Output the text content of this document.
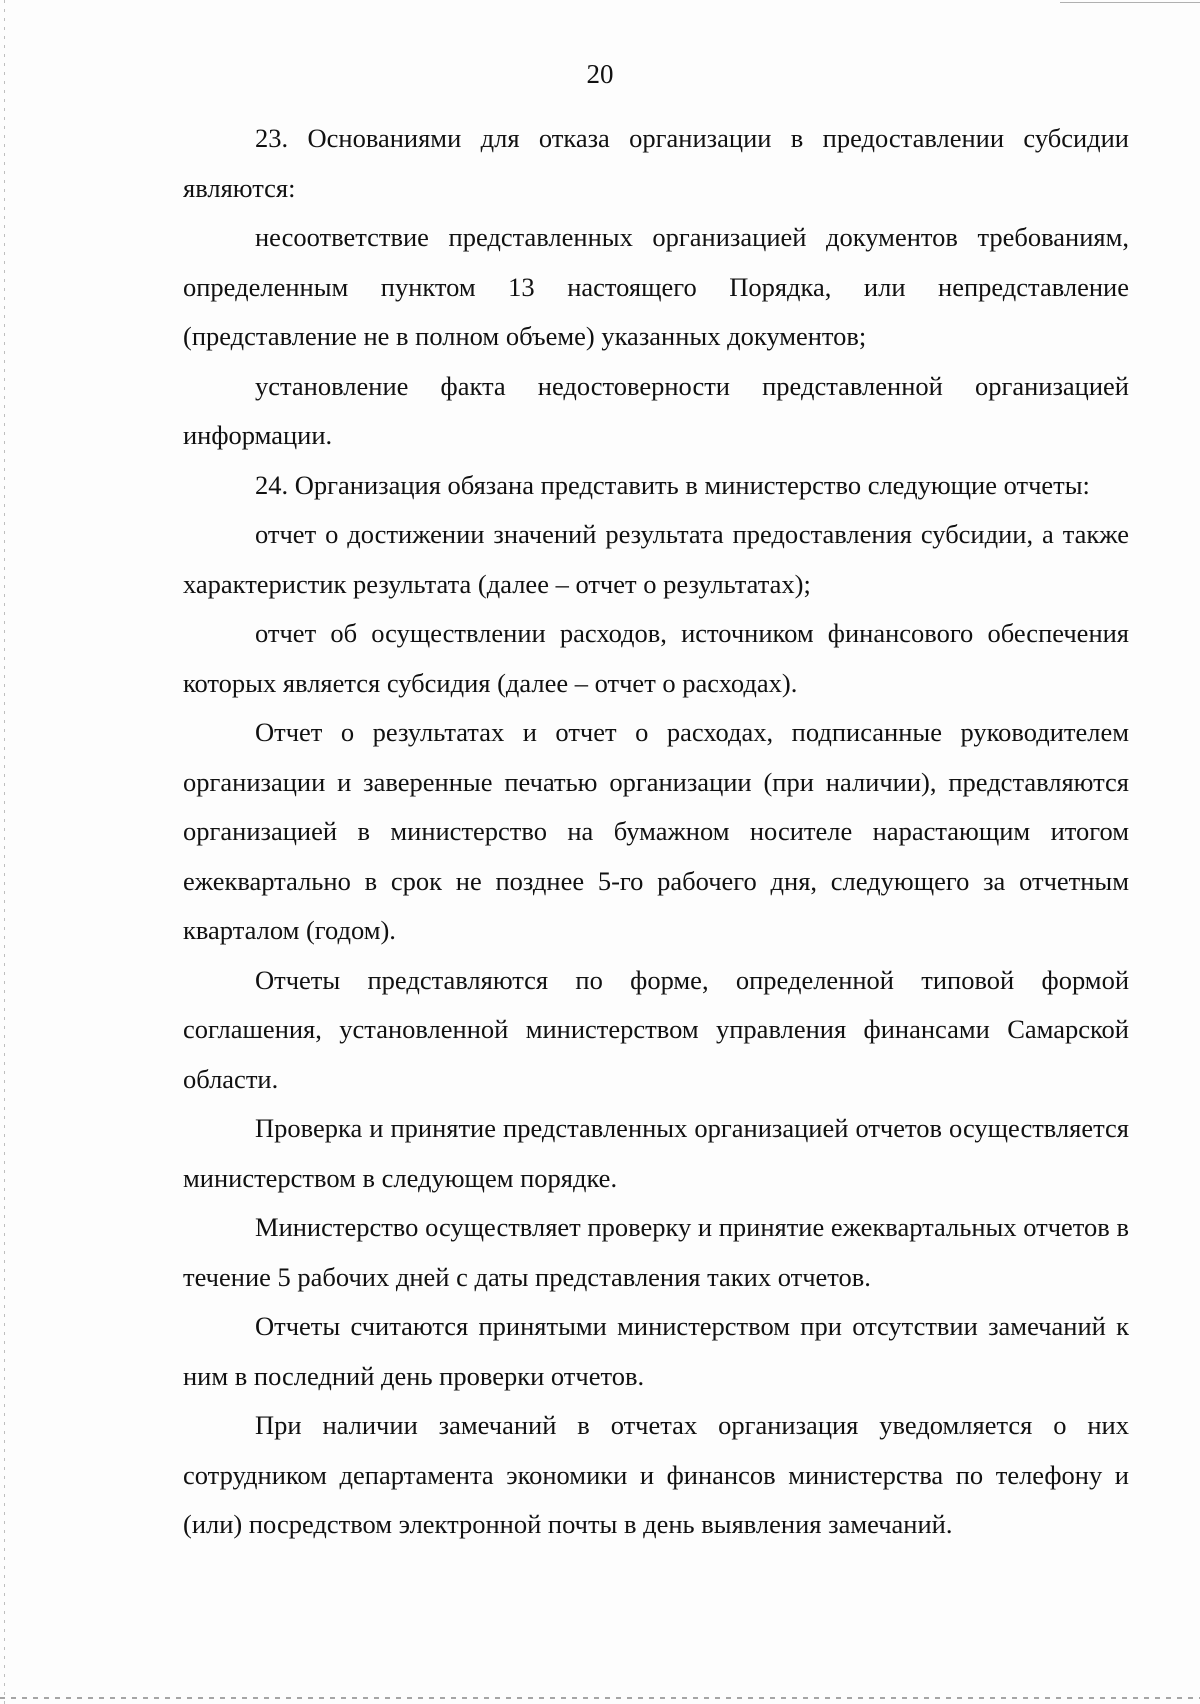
20

23. Основаниями для отказа организации в предоставлении субсидии являются:

несоответствие представленных организацией документов требованиям, определенным пунктом 13 настоящего Порядка, или непредставление (представление не в полном объеме) указанных документов;

установление факта недостоверности представленной организацией информации.

24. Организация обязана представить в министерство следующие отчеты:

отчет о достижении значений результата предоставления субсидии, а также характеристик результата (далее – отчет о результатах);

отчет об осуществлении расходов, источником финансового обеспечения которых является субсидия (далее – отчет о расходах).

Отчет о результатах и отчет о расходах, подписанные руководителем организации и заверенные печатью организации (при наличии), представляются организацией в министерство на бумажном носителе нарастающим итогом ежеквартально в срок не позднее 5-го рабочего дня, следующего за отчетным кварталом (годом).

Отчеты представляются по форме, определенной типовой формой соглашения, установленной министерством управления финансами Самарской области.

Проверка и принятие представленных организацией отчетов осуществляется министерством в следующем порядке.

Министерство осуществляет проверку и принятие ежеквартальных отчетов в течение 5 рабочих дней с даты представления таких отчетов.

Отчеты считаются принятыми министерством при отсутствии замечаний к ним в последний день проверки отчетов.

При наличии замечаний в отчетах организация уведомляется о них сотрудником департамента экономики и финансов министерства по телефону и (или) посредством электронной почты в день выявления замечаний.
